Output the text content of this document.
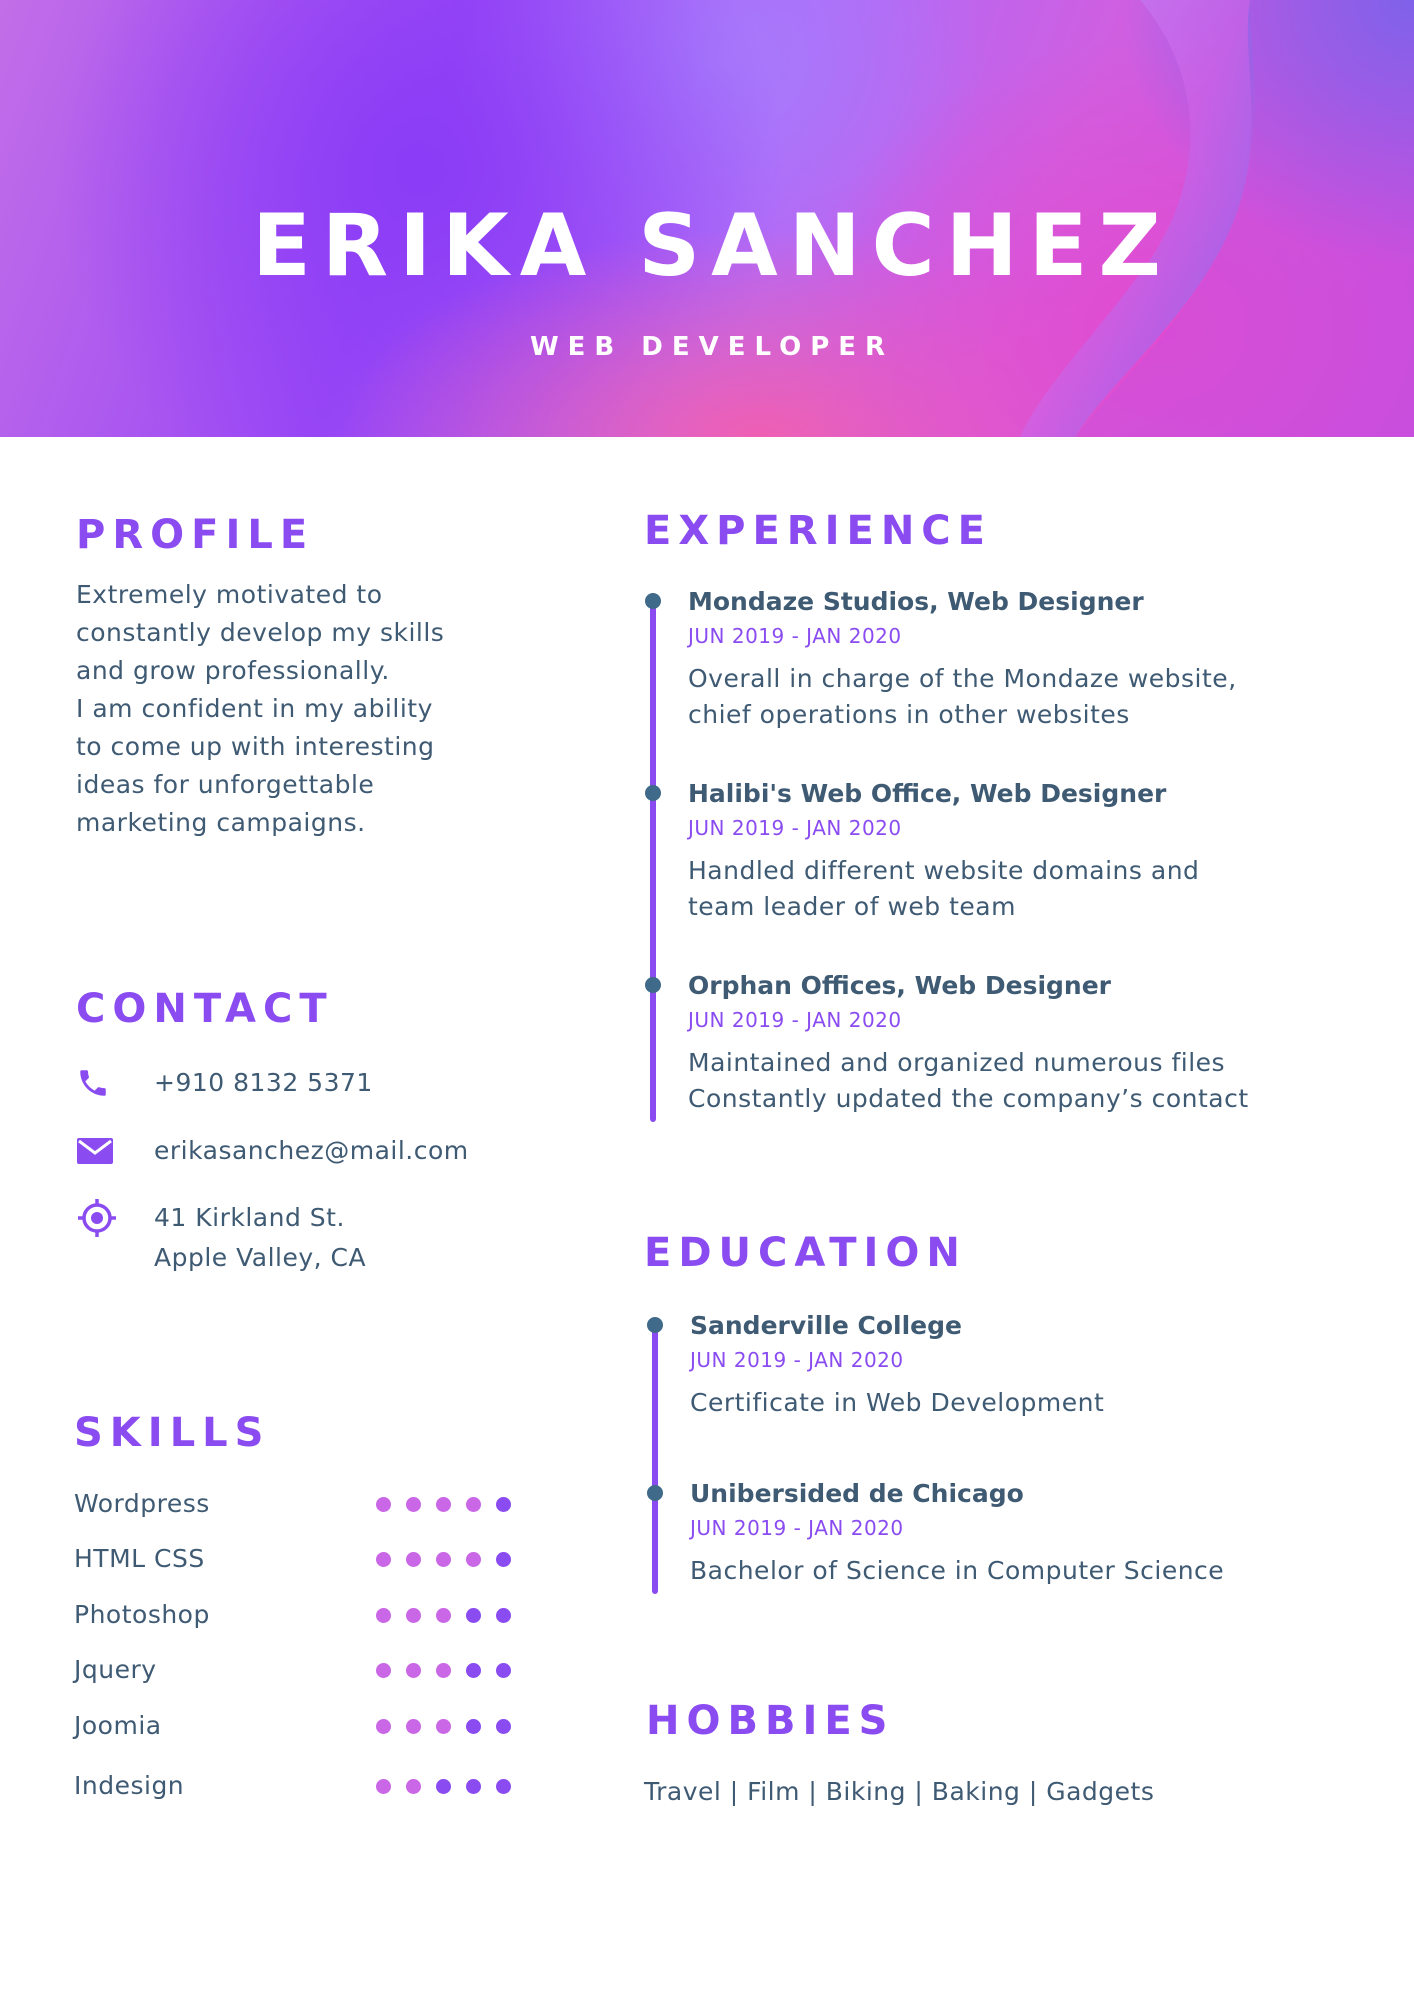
ERIKA SANCHEZ
WEB DEVELOPER
PROFILE
Extremely motivated to
constantly develop my skills
and grow professionally.
I am confident in my ability
to come up with interesting
ideas for unforgettable
marketing campaigns.
CONTACT
+910 8132 5371
erikasanchez@mail.com
41 Kirkland St.
Apple Valley, CA
SKILLS
Wordpress
HTML CSS
Photoshop
Jquery
Joomia
Indesign
EXPERIENCE
Mondaze Studios, Web Designer
JUN 2019 - JAN 2020
Overall in charge of the Mondaze website,
chief operations in other websites
Halibi's Web Office, Web Designer
JUN 2019 - JAN 2020
Handled different website domains and
team leader of web team
Orphan Offices, Web Designer
JUN 2019 - JAN 2020
Maintained and organized numerous files
Constantly updated the company’s contact
EDUCATION
Sanderville College
JUN 2019 - JAN 2020
Certificate in Web Development
Unibersided de Chicago
JUN 2019 - JAN 2020
Bachelor of Science in Computer Science
HOBBIES
Travel | Film | Biking | Baking | Gadgets
